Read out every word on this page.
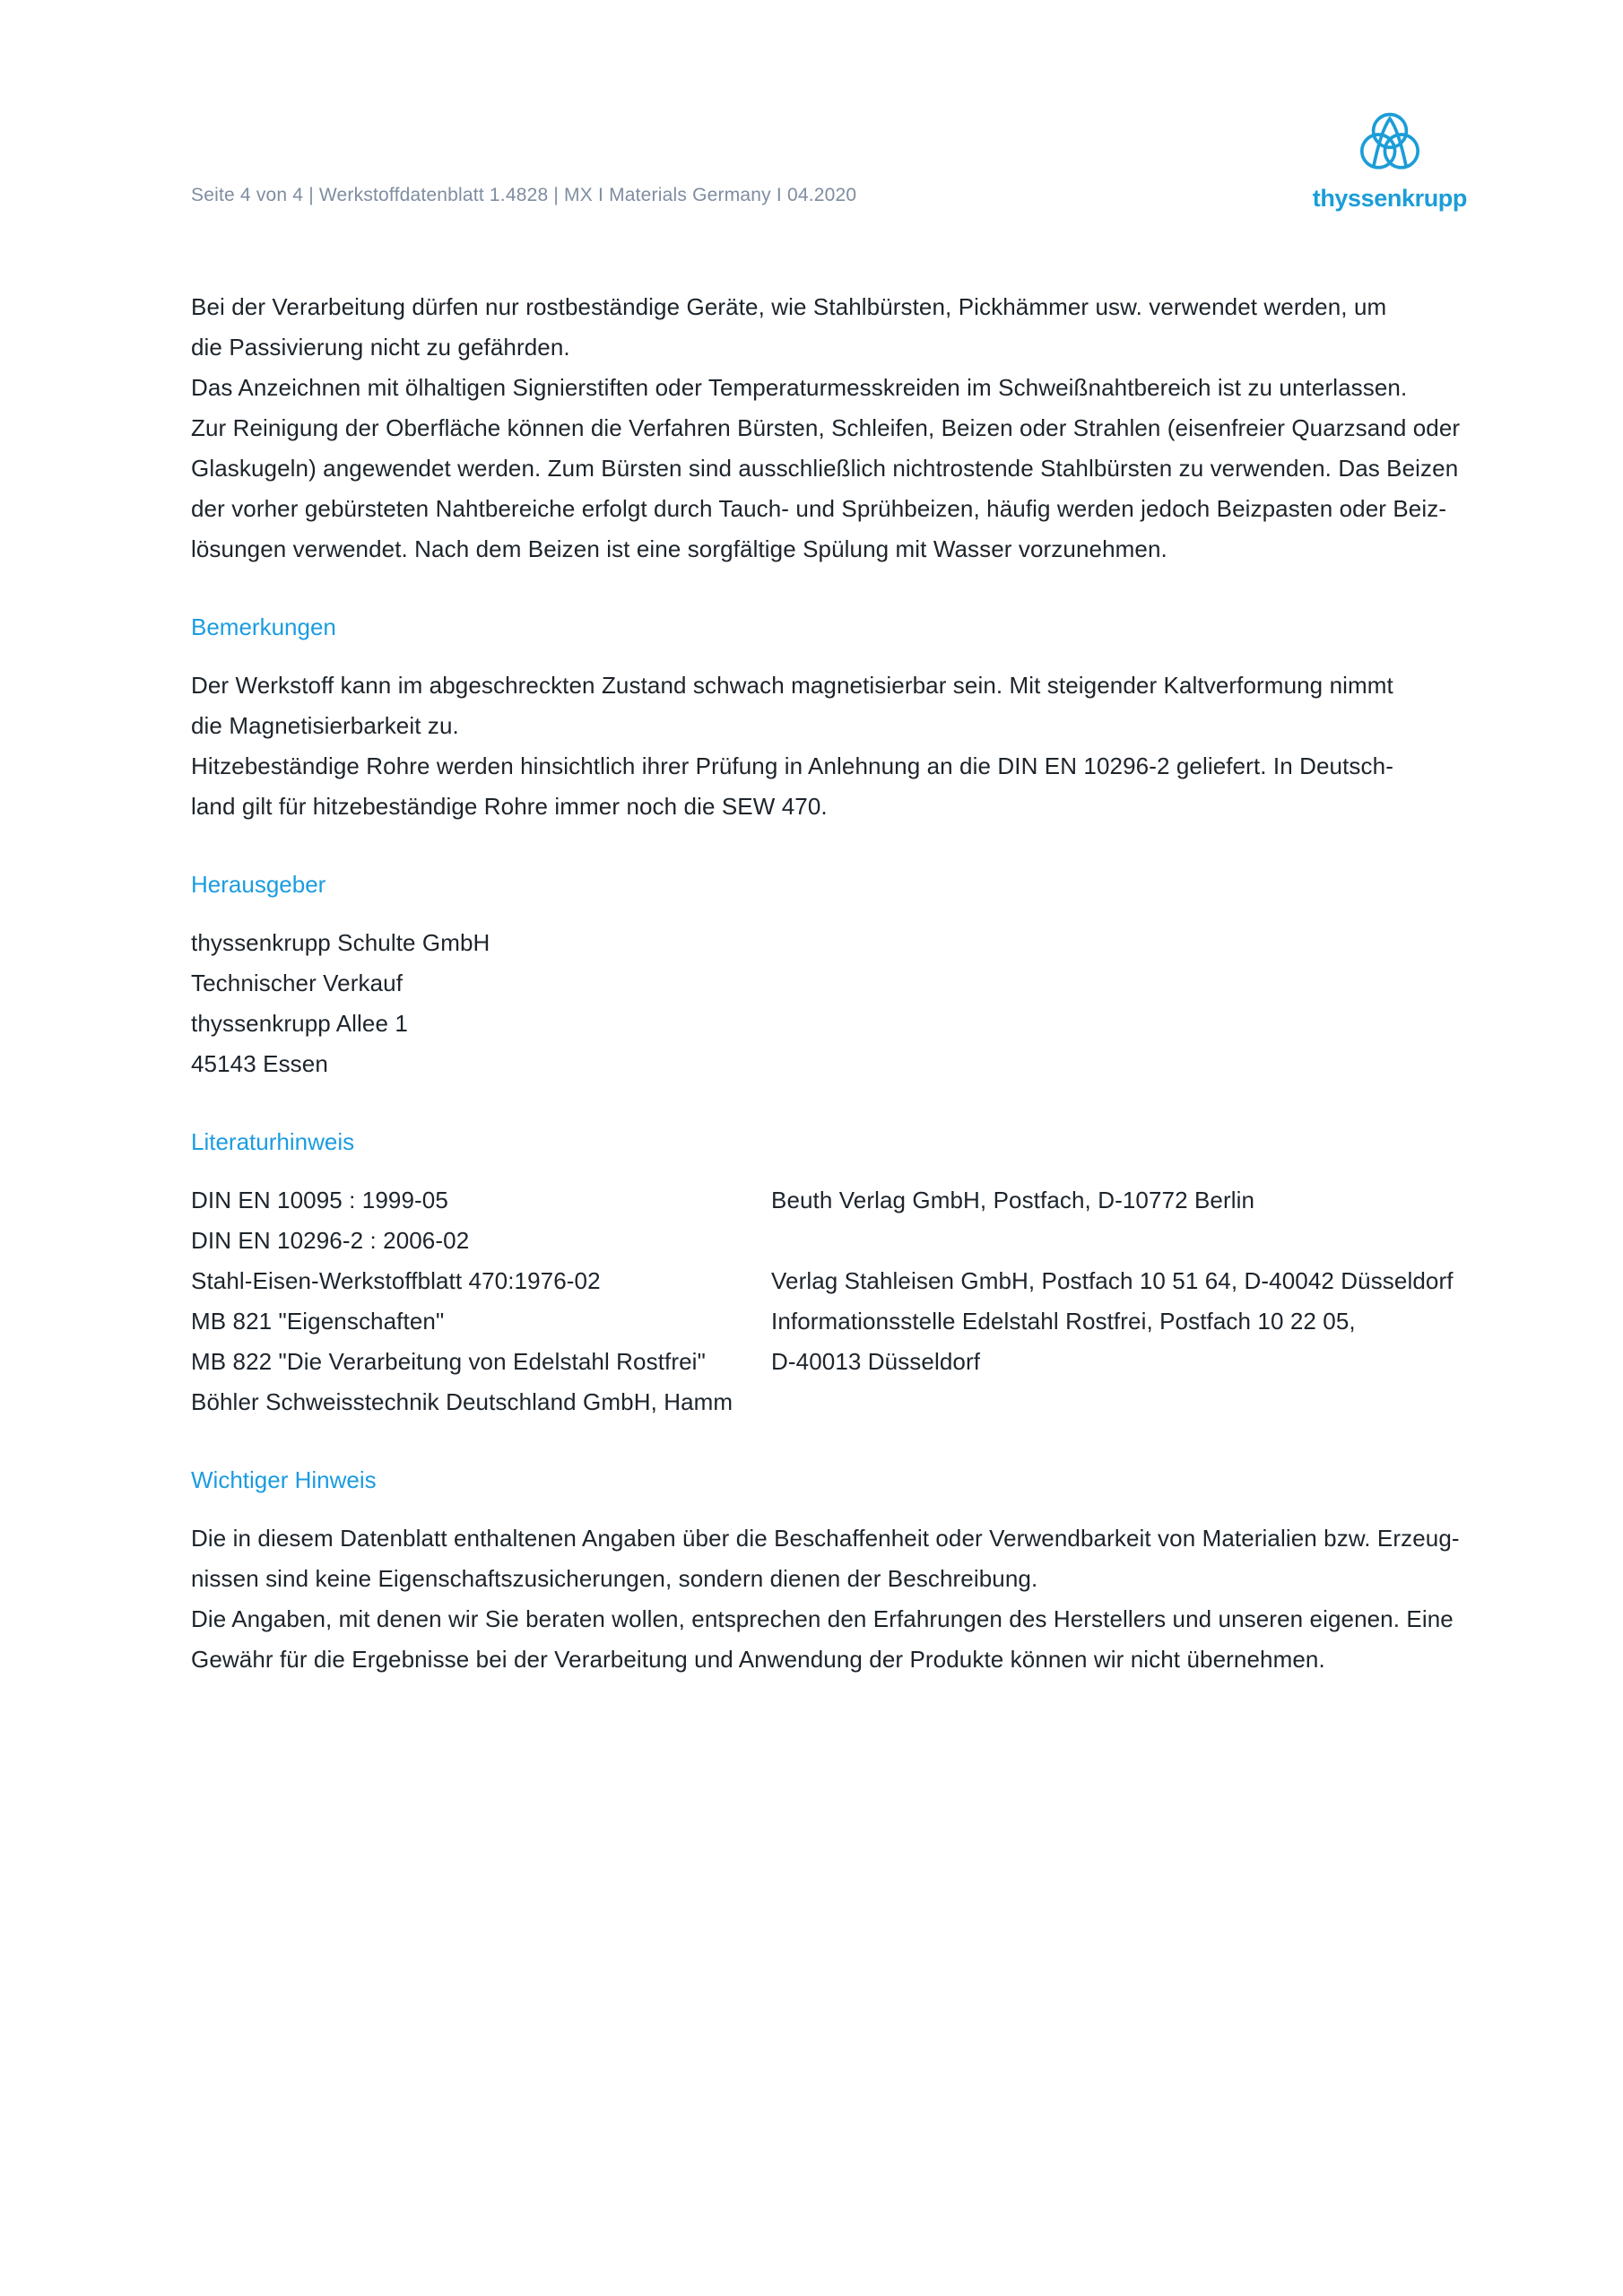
Seite 4 von 4 | Werkstoffdatenblatt 1.4828 | MX I Materials Germany I 04.2020	thyssenkrupp
Bei der Verarbeitung dürfen nur rostbeständige Geräte, wie Stahlbürsten, Pickhämmer usw. verwendet werden, um
die Passivierung nicht zu gefährden.
Das Anzeichnen mit ölhaltigen Signierstiften oder Temperaturmesskreiden im Schweißnahtbereich ist zu unterlassen.
Zur Reinigung der Oberfläche können die Verfahren Bürsten, Schleifen, Beizen oder Strahlen (eisenfreier Quarzsand oder
Glaskugeln) angewendet werden. Zum Bürsten sind ausschließlich nichtrostende Stahlbürsten zu verwenden. Das Beizen
der vorher gebürsteten Nahtbereiche erfolgt durch Tauch- und Sprühbeizen, häufig werden jedoch Beizpasten oder Beiz-
lösungen verwendet. Nach dem Beizen ist eine sorgfältige Spülung mit Wasser vorzunehmen.
Bemerkungen
Der Werkstoff kann im abgeschreckten Zustand schwach magnetisierbar sein. Mit steigender Kaltverformung nimmt
die Magnetisierbarkeit zu.
Hitzebeständige Rohre werden hinsichtlich ihrer Prüfung in Anlehnung an die DIN EN 10296-2 geliefert. In Deutsch-
land gilt für hitzebeständige Rohre immer noch die SEW 470.
Herausgeber
thyssenkrupp Schulte GmbH
Technischer Verkauf
thyssenkrupp Allee 1
45143 Essen
Literaturhinweis
DIN EN 10095 : 1999-05	Beuth Verlag GmbH, Postfach, D-10772 Berlin
DIN EN 10296-2 : 2006-02
Stahl-Eisen-Werkstoffblatt 470:1976-02	Verlag Stahleisen GmbH, Postfach 10 51 64, D-40042 Düsseldorf
MB 821 "Eigenschaften"	Informationsstelle Edelstahl Rostfrei, Postfach 10 22 05,
MB 822 "Die Verarbeitung von Edelstahl Rostfrei"	D-40013 Düsseldorf
Böhler Schweisstechnik Deutschland GmbH, Hamm
Wichtiger Hinweis
Die in diesem Datenblatt enthaltenen Angaben über die Beschaffenheit oder Verwendbarkeit von Materialien bzw. Erzeug-
nissen sind keine Eigenschaftszusicherungen, sondern dienen der Beschreibung.
Die Angaben, mit denen wir Sie beraten wollen, entsprechen den Erfahrungen des Herstellers und unseren eigenen. Eine
Gewähr für die Ergebnisse bei der Verarbeitung und Anwendung der Produkte können wir nicht übernehmen.
